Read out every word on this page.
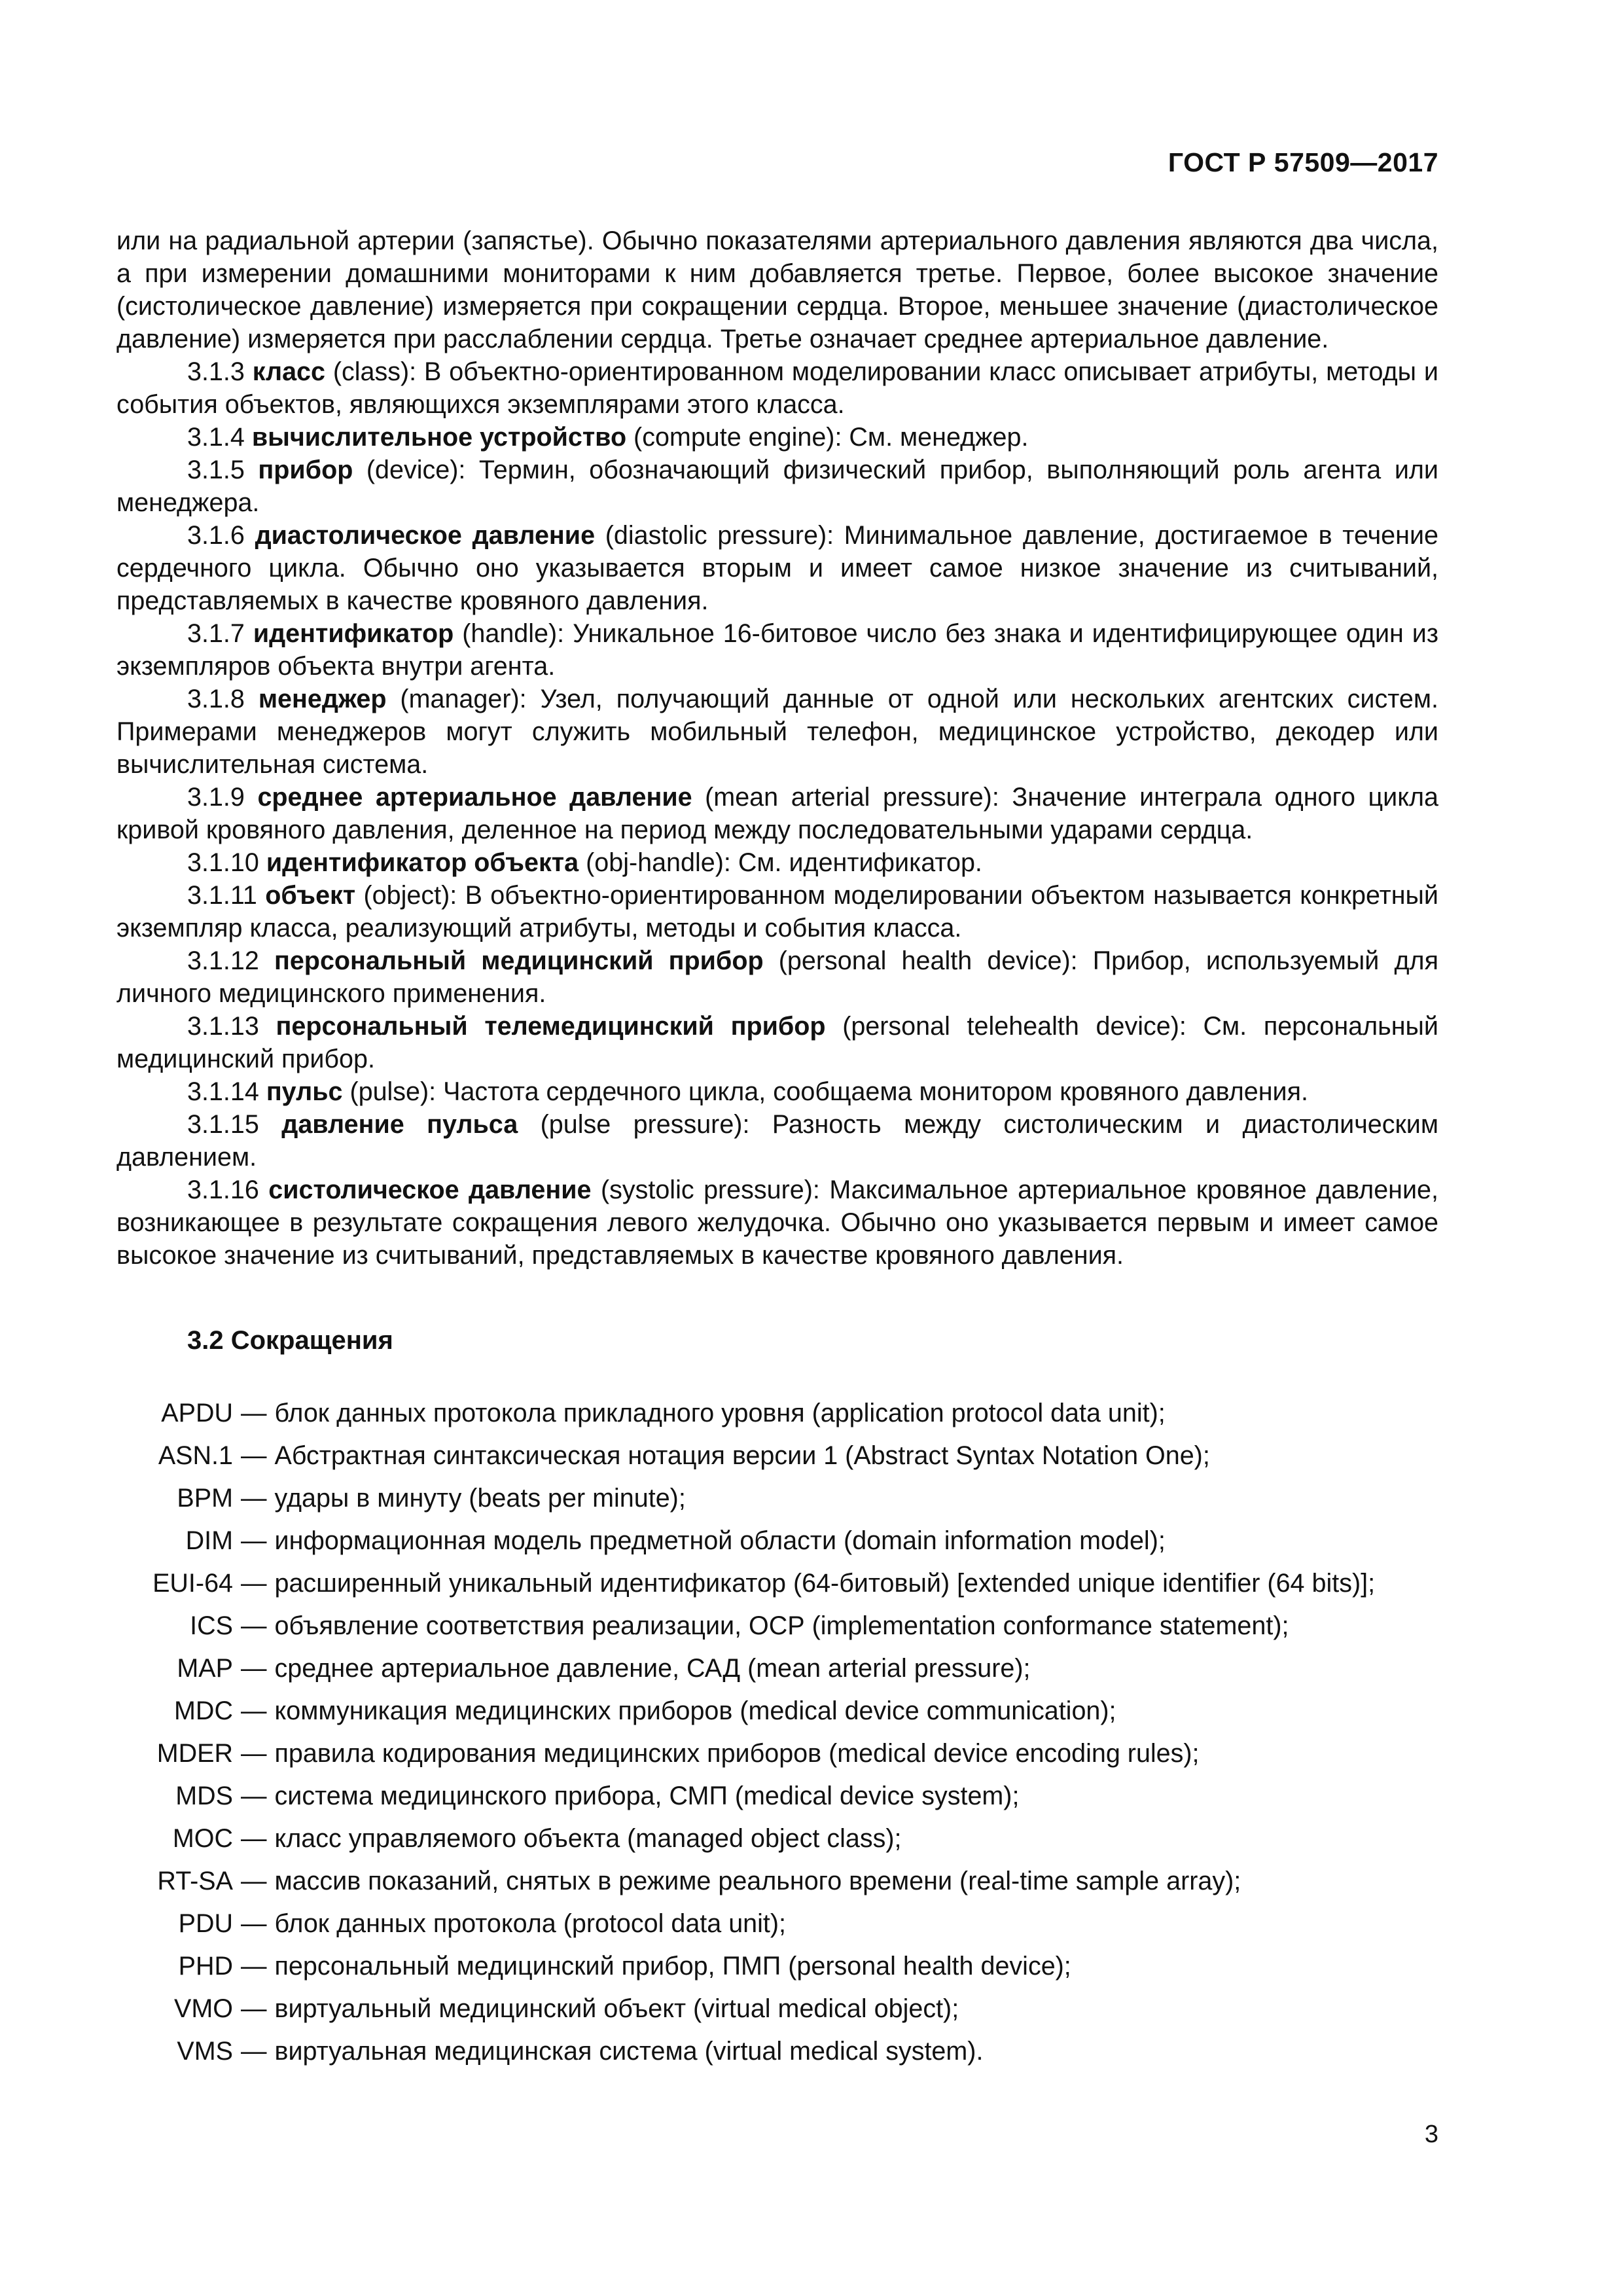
ГОСТ Р 57509—2017

или на радиальной артерии (запястье). Обычно показателями артериального давления являются два числа, а при измерении домашними мониторами к ним добавляется третье. Первое, более высокое значение (систолическое давление) измеряется при сокращении сердца. Второе, меньшее значение (диастолическое давление) измеряется при расслаблении сердца. Третье означает среднее артериальное давление.

3.1.3 класс (class): В объектно-ориентированном моделировании класс описывает атрибуты, методы и события объектов, являющихся экземплярами этого класса.

3.1.4 вычислительное устройство (compute engine): См. менеджер.

3.1.5 прибор (device): Термин, обозначающий физический прибор, выполняющий роль агента или менеджера.

3.1.6 диастолическое давление (diastolic pressure): Минимальное давление, достигаемое в течение сердечного цикла. Обычно оно указывается вторым и имеет самое низкое значение из считываний, представляемых в качестве кровяного давления.

3.1.7 идентификатор (handle): Уникальное 16-битовое число без знака и идентифицирующее один из экземпляров объекта внутри агента.

3.1.8 менеджер (manager): Узел, получающий данные от одной или нескольких агентских систем. Примерами менеджеров могут служить мобильный телефон, медицинское устройство, декодер или вычислительная система.

3.1.9 среднее артериальное давление (mean arterial pressure): Значение интеграла одного цикла кривой кровяного давления, деленное на период между последовательными ударами сердца.

3.1.10 идентификатор объекта (obj-handle): См. идентификатор.

3.1.11 объект (object): В объектно-ориентированном моделировании объектом называется конкретный экземпляр класса, реализующий атрибуты, методы и события класса.

3.1.12 персональный медицинский прибор (personal health device): Прибор, используемый для личного медицинского применения.

3.1.13 персональный телемедицинский прибор (personal telehealth device): См. персональный медицинский прибор.

3.1.14 пульс (pulse): Частота сердечного цикла, сообщаема монитором кровяного давления.

3.1.15 давление пульса (pulse pressure): Разность между систолическим и диастолическим давлением.

3.1.16 систолическое давление (systolic pressure): Максимальное артериальное кровяное давление, возникающее в результате сокращения левого желудочка. Обычно оно указывается первым и имеет самое высокое значение из считываний, представляемых в качестве кровяного давления.

3.2 Сокращения
APDU — блок данных протокола прикладного уровня (application protocol data unit);
ASN.1 — Абстрактная синтаксическая нотация версии 1 (Abstract Syntax Notation One);
BPM — удары в минуту (beats per minute);
DIM — информационная модель предметной области (domain information model);
EUI-64 — расширенный уникальный идентификатор (64-битовый) [extended unique identifier (64 bits)];
ICS — объявление соответствия реализации, ОСР (implementation conformance statement);
MAP — среднее артериальное давление, САД (mean arterial pressure);
MDC — коммуникация медицинских приборов (medical device communication);
MDER — правила кодирования медицинских приборов (medical device encoding rules);
MDS — система медицинского прибора, СМП (medical device system);
MOC — класс управляемого объекта (managed object class);
RT-SA — массив показаний, снятых в режиме реального времени (real-time sample array);
PDU — блок данных протокола (protocol data unit);
PHD — персональный медицинский прибор, ПМП (personal health device);
VMO — виртуальный медицинский объект (virtual medical object);
VMS — виртуальная медицинская система (virtual medical system).
3
